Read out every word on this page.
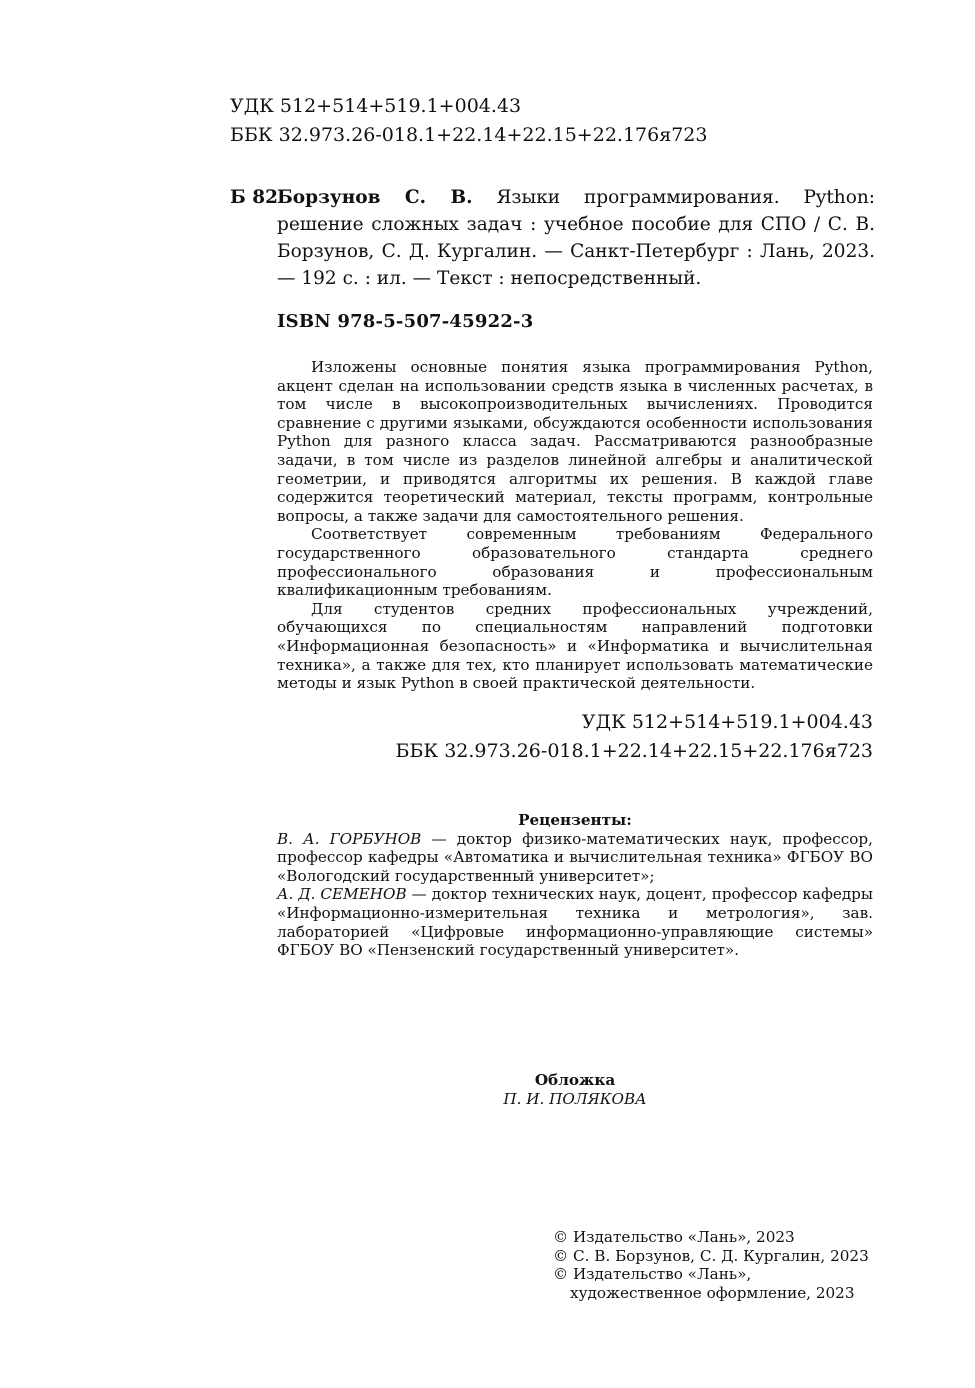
УДК 512+514+519.1+004.43
ББК 32.973.26-018.1+22.14+22.15+22.176я723
Б 82 Борзунов С. В. Языки программирования. Python: решение сложных задач : учебное пособие для СПО / С. В. Борзунов, С. Д. Кургалин. — Санкт-Петербург : Лань, 2023. — 192 с. : ил. — Текст : непосредственный.
ISBN 978-5-507-45922-3

Изложены основные понятия языка программирования Python, акцент сделан на использовании средств языка в численных расчетах, в том числе в высокопроизводительных вычислениях. Проводится сравнение с другими языками, обсуждаются особенности использования Python для разного класса задач. Рассматриваются разнообразные задачи, в том числе из разделов линейной алгебры и аналитической геометрии, и приводятся алгоритмы их решения. В каждой главе содержится теоретический материал, тексты программ, контрольные вопросы, а также задачи для самостоятельного решения.

Соответствует современным требованиям Федерального государственного образовательного стандарта среднего профессионального образования и профессиональным квалификационным требованиям.

Для студентов средних профессиональных учреждений, обучающихся по специальностям направлений подготовки «Информационная безопасность» и «Информатика и вычислительная техника», а также для тех, кто планирует использовать математические методы и язык Python в своей практической деятельности.

УДК 512+514+519.1+004.43
ББК 32.973.26-018.1+22.14+22.15+22.176я723
Рецензенты:

В. А. ГОРБУНОВ — доктор физико-математических наук, профессор, профессор кафедры «Автоматика и вычислительная техника» ФГБОУ ВО «Вологодский государственный университет»;

А. Д. СЕМЕНОВ — доктор технических наук, доцент, профессор кафедры «Информационно-измерительная техника и метрология», зав. лабораторией «Цифровые информационно-управляющие системы» ФГБОУ ВО «Пензенский государственный университет».

Обложка
П. И. ПОЛЯКОВА
© Издательство «Лань», 2023
© С. В. Борзунов, С. Д. Кургалин, 2023
© Издательство «Лань»,
художественное оформление, 2023
